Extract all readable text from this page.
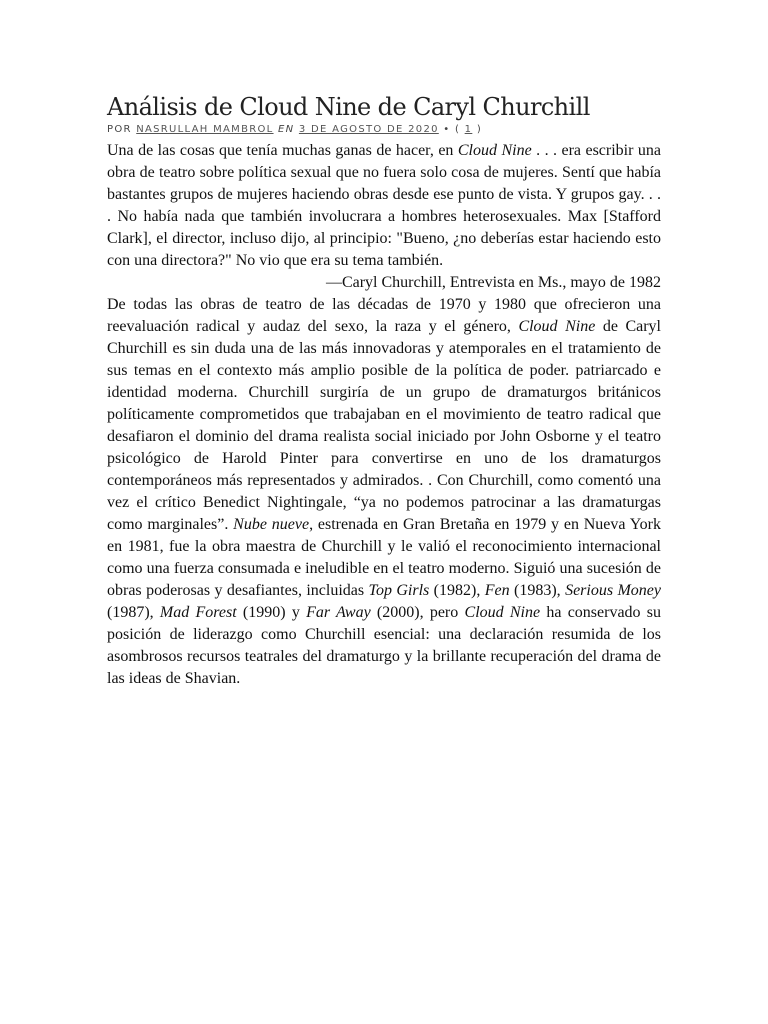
Análisis de Cloud Nine de Caryl Churchill
POR NASRULLAH MAMBROL EN 3 DE AGOSTO DE 2020 • ( 1 )

Una de las cosas que tenía muchas ganas de hacer, en Cloud Nine . . . era escribir una obra de teatro sobre política sexual que no fuera solo cosa de mujeres. Sentí que había bastantes grupos de mujeres haciendo obras desde ese punto de vista. Y grupos gay. . . . No había nada que también involucrara a hombres heterosexuales. Max [Stafford Clark], el director, incluso dijo, al principio: "Bueno, ¿no deberías estar haciendo esto con una directora?" No vio que era su tema también.

—Caryl Churchill, Entrevista en Ms., mayo de 1982

De todas las obras de teatro de las décadas de 1970 y 1980 que ofrecieron una reevaluación radical y audaz del sexo, la raza y el género, Cloud Nine de Caryl Churchill es sin duda una de las más innovadoras y atemporales en el tratamiento de sus temas en el contexto más amplio posible de la política de poder. patriarcado e identidad moderna. Churchill surgiría de un grupo de dramaturgos británicos políticamente comprometidos que trabajaban en el movimiento de teatro radical que desafiaron el dominio del drama realista social iniciado por John Osborne y el teatro psicológico de Harold Pinter para convertirse en uno de los dramaturgos contemporáneos más representados y admirados. . Con Churchill, como comentó una vez el crítico Benedict Nightingale, “ya no podemos patrocinar a las dramaturgas como marginales”. Nube nueve, estrenada en Gran Bretaña en 1979 y en Nueva York en 1981, fue la obra maestra de Churchill y le valió el reconocimiento internacional como una fuerza consumada e ineludible en el teatro moderno. Siguió una sucesión de obras poderosas y desafiantes, incluidas Top Girls (1982), Fen (1983), Serious Money (1987), Mad Forest (1990) y Far Away (2000), pero Cloud Nine ha conservado su posición de liderazgo como Churchill esencial: una declaración resumida de los asombrosos recursos teatrales del dramaturgo y la brillante recuperación del drama de las ideas de Shavian.
